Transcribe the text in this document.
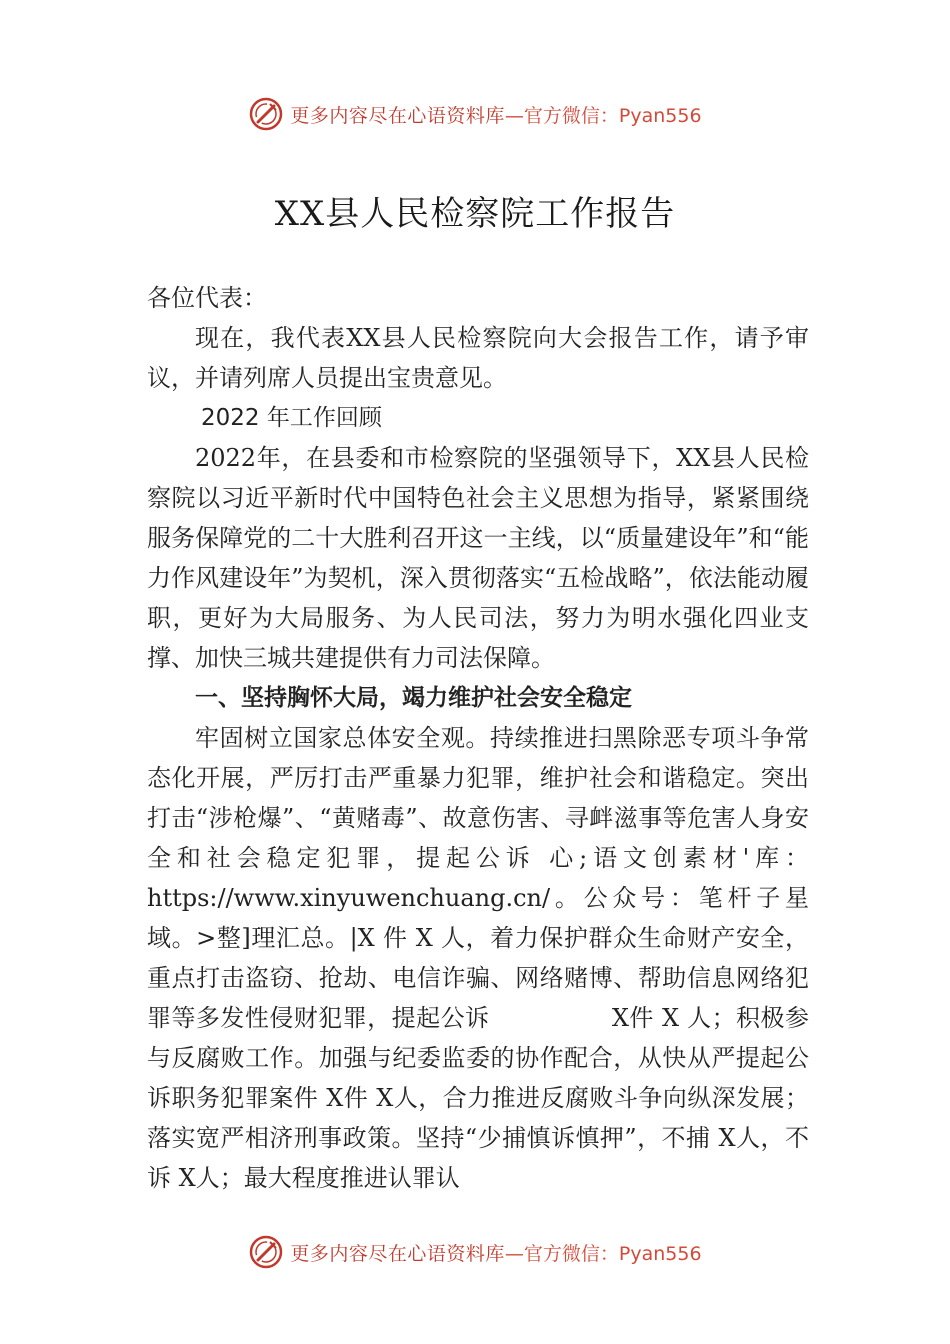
更多内容尽在心语资料库 —官方微信：Pyan556
XX县人民检察院工作报告

各位代表：

现在，我代表XX县人民检察院向大会报告工作，请予审议，并请列席人员提出宝贵意见。

2022 年工作回顾

2022年，在县委和市检察院的坚强领导下，XX县人民检察院以习近平新时代中国特色社会主义思想为指导，紧紧围绕服务保障党的二十大胜利召开这一主线，以“质量建设年”和“能力作风建设年”为契机，深入贯彻落实“五检战略”，依法能动履职，更好为大局服务、为人民司法，努力为明水强化四业支撑、加快三城共建提供有力司法保障。

一、坚持胸怀大局，竭力维护社会安全稳定

牢固树立国家总体安全观。持续推进扫黑除恶专项斗争常态化开展，严厉打击严重暴力犯罪，维护社会和谐稳定。突出打击“涉枪爆”、“黄赌毒”、故意伤害、寻衅滋事等危害人身安全和社会稳定犯罪，提起公诉 心;语文创素材'库：https://www.xinyuwenchuang.cn/。公众号：笔杆子星域。>整]理汇总。|X 件 X 人，着力保护群众生命财产安全，重点打击盗窃、抢劫、电信诈骗、网络赌博、帮助信息网络犯罪等多发性侵财犯罪，提起公诉　　　　　X件 X 人；积极参与反腐败工作。加强与纪委监委的协作配合，从快从严提起公诉职务犯罪案件 X件 X人，合力推进反腐败斗争向纵深发展；落实宽严相济刑事政策。坚持“少捕慎诉慎押”，不捕 X人，不诉 X人；最大程度推进认罪认

更多内容尽在心语资料库 —官方微信：Pyan556
